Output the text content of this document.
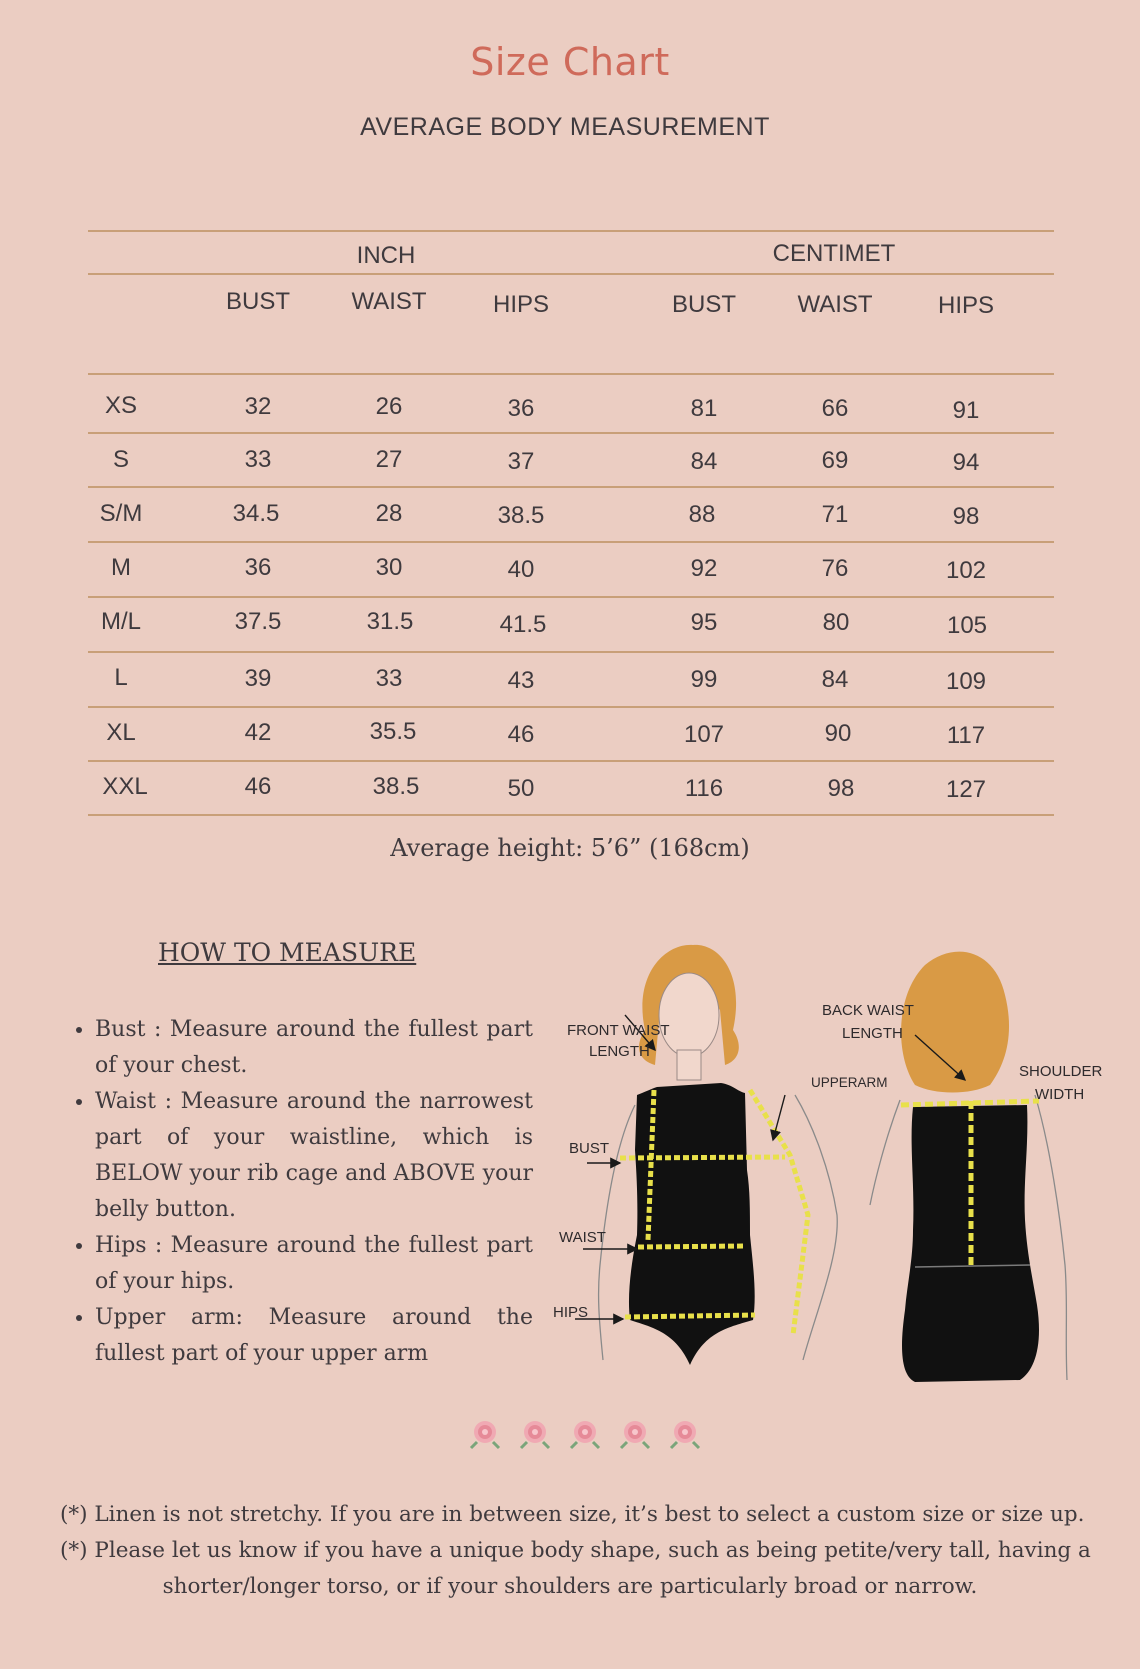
Size Chart
AVERAGE BODY MEASUREMENT
INCH	CENTIMET
BUST	WAIST	HIPS	BUST	WAIST	HIPS
XS	32	26	36	81	66	91
S	33	27	37	84	69	94
S/M	34.5	28	38.5	88	71	98
M	36	30	40	92	76	102
M/L	37.5	31.5	41.5	95	80	105
L	39	33	43	99	84	109
XL	42	35.5	46	107	90	117
XXL	46	38.5	50	116	98	127
Average height: 5’6” (168cm)
HOW TO MEASURE
• Bust : Measure around the fullest part of your chest.
• Waist : Measure around the narrowest part of your waistline, which is BELOW your rib cage and ABOVE your belly button.
• Hips : Measure around the fullest part of your hips.
• Upper arm: Measure around the fullest part of your upper arm
FRONT WAIST
LENGTH
BUST
WAIST
HIPS
BACK WAIST
LENGTH
UPPERARM
SHOULDER
WIDTH
(*) Linen is not stretchy. If you are in between size, it’s best to select a custom size or size up.
(*) Please let us know if you have a unique body shape, such as being petite/very tall, having a
shorter/longer torso, or if your shoulders are particularly broad or narrow.
